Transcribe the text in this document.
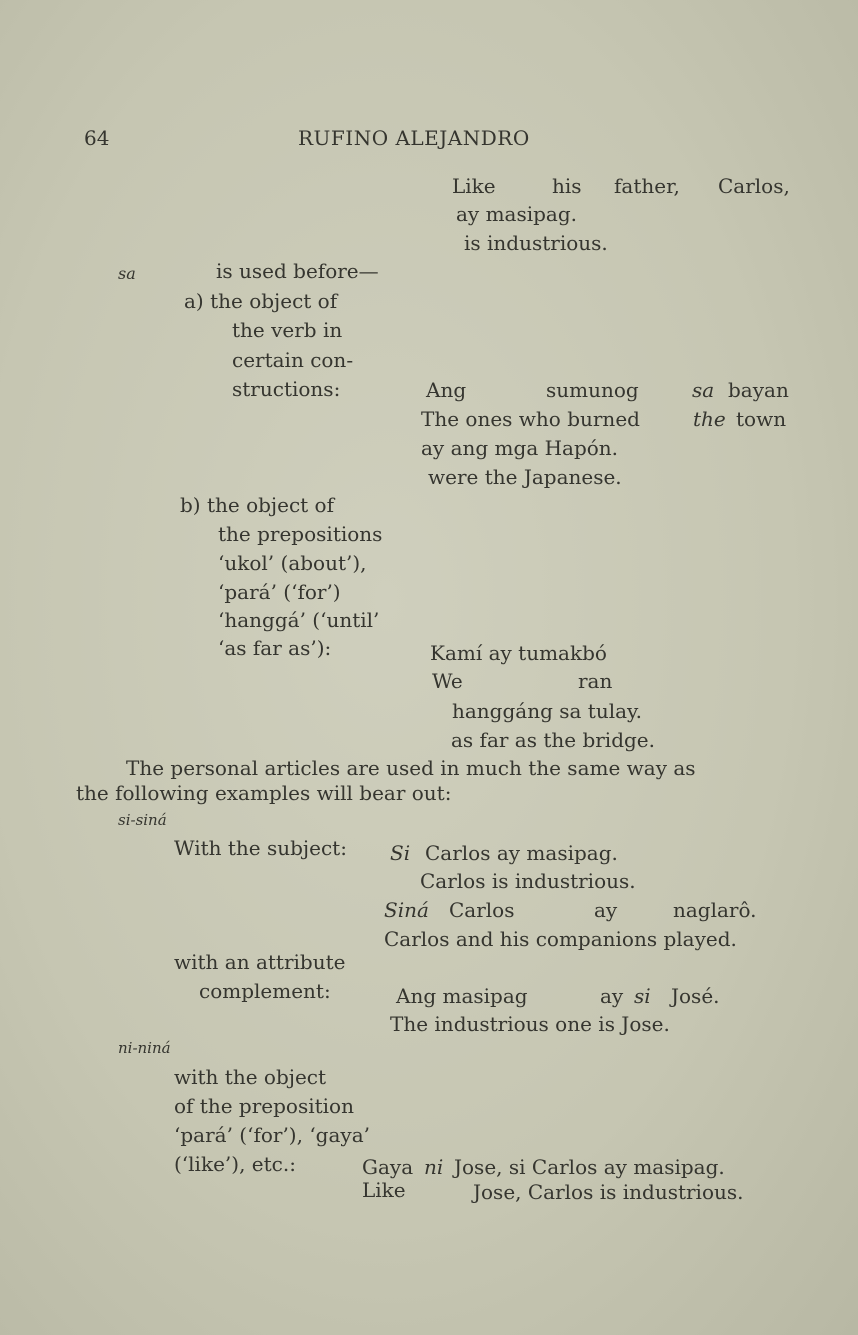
64	RUFINO ALEJANDRO
Like	his father, Carlos,
ay masipag.
is industrious.
sa	is used before—
a) the object of
the verb in
certain con-
structions:	Ang	sumunog	sa bayan
The ones who burned	the town
ay ang mga Hapón.
were the Japanese.
b) the object of
the prepositions
‘ukol’ (about’),
‘pará’ (‘for’)
‘hanggá’ (‘until’
‘as far as’):	Kamí ay tumakbó
We	ran
hanggáng sa tulay.
as far as the bridge.
The personal articles are used in much the same way as
the following examples will bear out:
si-siná
With the subject: Si Carlos ay masipag.
Carlos is industrious.
Siná Carlos	ay	naglarô.
Carlos and his companions played.
with an attribute
complement:	Ang masipag	ay si José.
The industrious one is Jose.
ni-niná
with the object
of the preposition
‘pará’ (‘for’), ‘gaya’
(‘like’), etc.:	Gaya ni Jose, si Carlos ay masipag.
Like	Jose, Carlos is industrious.
